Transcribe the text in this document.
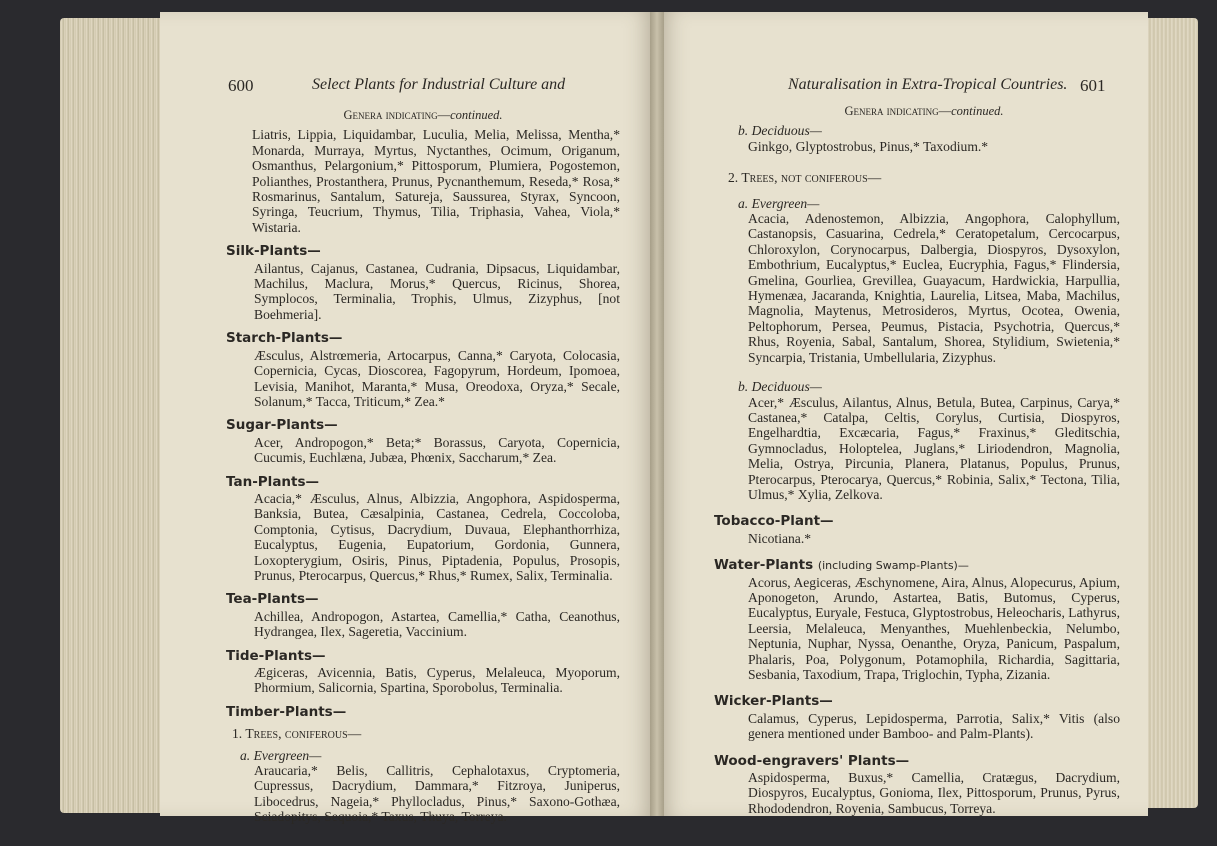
600	Select Plants for Industrial Culture and
Genera indicating—continued.

Liatris, Lippia, Liquidambar, Luculia, Melia, Melissa, Mentha,* Monarda, Murraya, Myrtus, Nyctanthes, Ocimum, Origanum, Osmanthus, Pelargonium,* Pittosporum, Plumiera, Pogostemon, Polianthes, Prostanthera, Prunus, Pycnanthemum, Reseda,* Rosa,* Rosmarinus, Santalum, Satureja, Saussurea, Styrax, Syncoon, Syringa, Teucrium, Thymus, Tilia, Triphasia, Vahea, Viola,* Wistaria.

Silk-Plants—

Ailantus, Cajanus, Castanea, Cudrania, Dipsacus, Liquidambar, Machilus, Maclura, Morus,* Quercus, Ricinus, Shorea, Symplocos, Terminalia, Trophis, Ulmus, Zizyphus, [not Boehmeria].

Starch-Plants—

Æsculus, Alstrœmeria, Artocarpus, Canna,* Caryota, Colocasia, Copernicia, Cycas, Dioscorea, Fagopyrum, Hordeum, Ipomoea, Levisia, Manihot, Maranta,* Musa, Oreodoxa, Oryza,* Secale, Solanum,* Tacca, Triticum,* Zea.*

Sugar-Plants—

Acer, Andropogon,* Beta;* Borassus, Caryota, Copernicia, Cucumis, Euchlæna, Jubæa, Phœnix, Saccharum,* Zea.

Tan-Plants—

Acacia,* Æsculus, Alnus, Albizzia, Angophora, Aspidosperma, Banksia, Butea, Cæsalpinia, Castanea, Cedrela, Coccoloba, Comptonia, Cytisus, Dacrydium, Duvaua, Elephanthorrhiza, Eucalyptus, Eugenia, Eupatorium, Gordonia, Gunnera, Loxopterygium, Osiris, Pinus, Piptadenia, Populus, Prosopis, Prunus, Pterocarpus, Quercus,* Rhus,* Rumex, Salix, Terminalia.

Tea-Plants—

Achillea, Andropogon, Astartea, Camellia,* Catha, Ceanothus, Hydrangea, Ilex, Sageretia, Vaccinium.

Tide-Plants—

Ægiceras, Avicennia, Batis, Cyperus, Melaleuca, Myoporum, Phormium, Salicornia, Spartina, Sporobolus, Terminalia.

Timber-Plants—
1. Trees, coniferous—
a. Evergreen—

Araucaria,* Belis, Callitris, Cephalotaxus, Cryptomeria, Cupressus, Dacrydium, Dammara,* Fitzroya, Juniperus, Libocedrus, Nageia,* Phyllocladus, Pinus,* Saxono-Gothæa, Sciadopitys, Sequoia,* Taxus, Thuya, Torreya.

Naturalisation in Extra-Tropical Countries. 601
Genera indicating—continued.
b. Deciduous—

Ginkgo, Glyptostrobus, Pinus,* Taxodium.*

2. Trees, not coniferous—
a. Evergreen—

Acacia, Adenostemon, Albizzia, Angophora, Calophyllum, Castanopsis, Casuarina, Cedrela,* Ceratopetalum, Cercocarpus, Chloroxylon, Corynocarpus, Dalbergia, Diospyros, Dysoxylon, Embothrium, Eucalyptus,* Euclea, Eucryphia, Fagus,* Flindersia, Gmelina, Gourliea, Grevillea, Guayacum, Hardwickia, Harpullia, Hymenæa, Jacaranda, Knightia, Laurelia, Litsea, Maba, Machilus, Magnolia, Maytenus, Metrosideros, Myrtus, Ocotea, Owenia, Peltophorum, Persea, Peumus, Pistacia, Psychotria, Quercus,* Rhus, Royenia, Sabal, Santalum, Shorea, Stylidium, Swietenia,* Syncarpia, Tristania, Umbellularia, Zizyphus.

b. Deciduous—

Acer,* Æsculus, Ailantus, Alnus, Betula, Butea, Carpinus, Carya,* Castanea,* Catalpa, Celtis, Corylus, Curtisia, Diospyros, Engelhardtia, Excæcaria, Fagus,* Fraxinus,* Gleditschia, Gymnocladus, Holoptelea, Juglans,* Liriodendron, Magnolia, Melia, Ostrya, Pircunia, Planera, Platanus, Populus, Prunus, Pterocarpus, Pterocarya, Quercus,* Robinia, Salix,* Tectona, Tilia, Ulmus,* Xylia, Zelkova.

Tobacco-Plant—

Nicotiana.*

Water-Plants (including Swamp-Plants)—

Acorus, Aegiceras, Æschynomene, Aira, Alnus, Alopecurus, Apium, Aponogeton, Arundo, Astartea, Batis, Butomus, Cyperus, Eucalyptus, Euryale, Festuca, Glyptostrobus, Heleocharis, Lathyrus, Leersia, Melaleuca, Menyanthes, Muehlenbeckia, Nelumbo, Neptunia, Nuphar, Nyssa, Oenanthe, Oryza, Panicum, Paspalum, Phalaris, Poa, Polygonum, Potamophila, Richardia, Sagittaria, Sesbania, Taxodium, Trapa, Triglochin, Typha, Zizania.

Wicker-Plants—

Calamus, Cyperus, Lepidosperma, Parrotia, Salix,* Vitis (also genera mentioned under Bamboo- and Palm-Plants).

Wood-engravers' Plants—

Aspidosperma, Buxus,* Camellia, Cratægus, Dacrydium, Diospyros, Eucalyptus, Gonioma, Ilex, Pittosporum, Prunus, Pyrus, Rhododendron, Royenia, Sambucus, Torreya.
